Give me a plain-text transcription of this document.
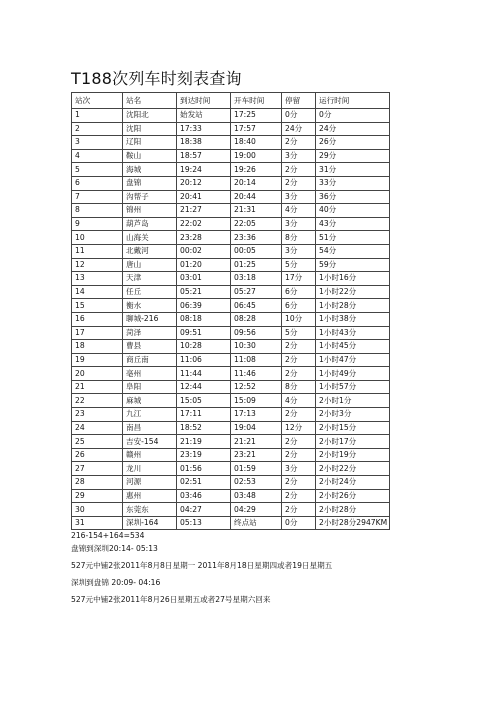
T188次列车时刻表查询
站次	站名	到达时间	开车时间	停留	运行时间
1	沈阳北	始发站	17:25	0分	0分
2	沈阳	17:33	17:57	24分	24分
3	辽阳	18:38	18:40	2分	26分
4	鞍山	18:57	19:00	3分	29分
5	海城	19:24	19:26	2分	31分
6	盘锦	20:12	20:14	2分	33分
7	沟帮子	20:41	20:44	3分	36分
8	锦州	21:27	21:31	4分	40分
9	葫芦岛	22:02	22:05	3分	43分
10	山海关	23:28	23:36	8分	51分
11	北戴河	00:02	00:05	3分	54分
12	唐山	01:20	01:25	5分	59分
13	天津	03:01	03:18	17分	1小时16分
14	任丘	05:21	05:27	6分	1小时22分
15	衡水	06:39	06:45	6分	1小时28分
16	聊城-216	08:18	08:28	10分	1小时38分
17	菏泽	09:51	09:56	5分	1小时43分
18	曹县	10:28	10:30	2分	1小时45分
19	商丘南	11:06	11:08	2分	1小时47分
20	亳州	11:44	11:46	2分	1小时49分
21	阜阳	12:44	12:52	8分	1小时57分
22	麻城	15:05	15:09	4分	2小时1分
23	九江	17:11	17:13	2分	2小时3分
24	南昌	18:52	19:04	12分	2小时15分
25	吉安-154	21:19	21:21	2分	2小时17分
26	赣州	23:19	23:21	2分	2小时19分
27	龙川	01:56	01:59	3分	2小时22分
28	河源	02:51	02:53	2分	2小时24分
29	惠州	03:46	03:48	2分	2小时26分
30	东莞东	04:27	04:29	2分	2小时28分
31	深圳-164	05:13	终点站	0分	2小时28分2947KM
216-154+164=534
盘锦到深圳20:14- 05:13
527元中铺2张2011年8月8日星期一 2011年8月18日星期四或者19日星期五
深圳到盘锦 20:09- 04:16
527元中铺2张2011年8月26日星期五或者27号星期六回来
